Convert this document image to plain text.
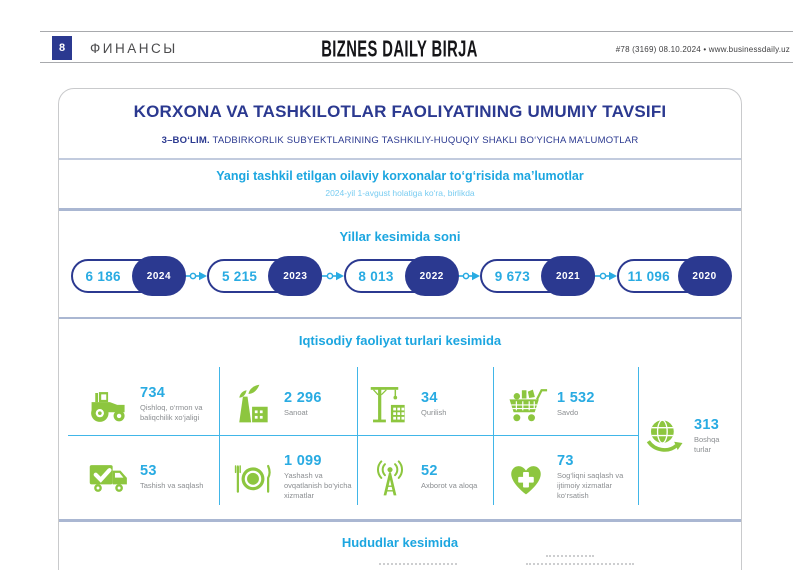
8	ФИНАНСЫ	BIZNES DAILY BIRJA	#78 (3169) 08.10.2024 • www.businessdaily.uz
KORXONA VA TASHKILOTLAR FAOLIYATINING UMUMIY TAVSIFI
3–BO‘LIM. TADBIRKORLIK SUBYEKTLARINING TASHKILIY-HUQUQIY SHAKLI BO‘YICHA MA’LUMOTLAR
Yangi tashkil etilgan oilaviy korxonalar to‘g‘risida ma’lumotlar
2024-yil 1-avgust holatiga ko‘ra, birlikda
Yillar kesimida soni
6 186	2024	5 215	2023	8 013	2022	9 673	2021	11 096	2020
Iqtisodiy faoliyat turlari kesimida
734
Qishloq, o‘rmon va baliqchilik xo‘jaligi
2 296
Sanoat
34
Qurilish
1 532
Savdo
53
Tashish va saqlash
1 099
Yashash va ovqatlanish bo‘yicha xizmatlar
52
Axborot va aloqa
73
Sog‘liqni saqlash va ijtimoiy xizmatlar ko‘rsatish
313
Boshqa turlar
Hududlar kesimida
